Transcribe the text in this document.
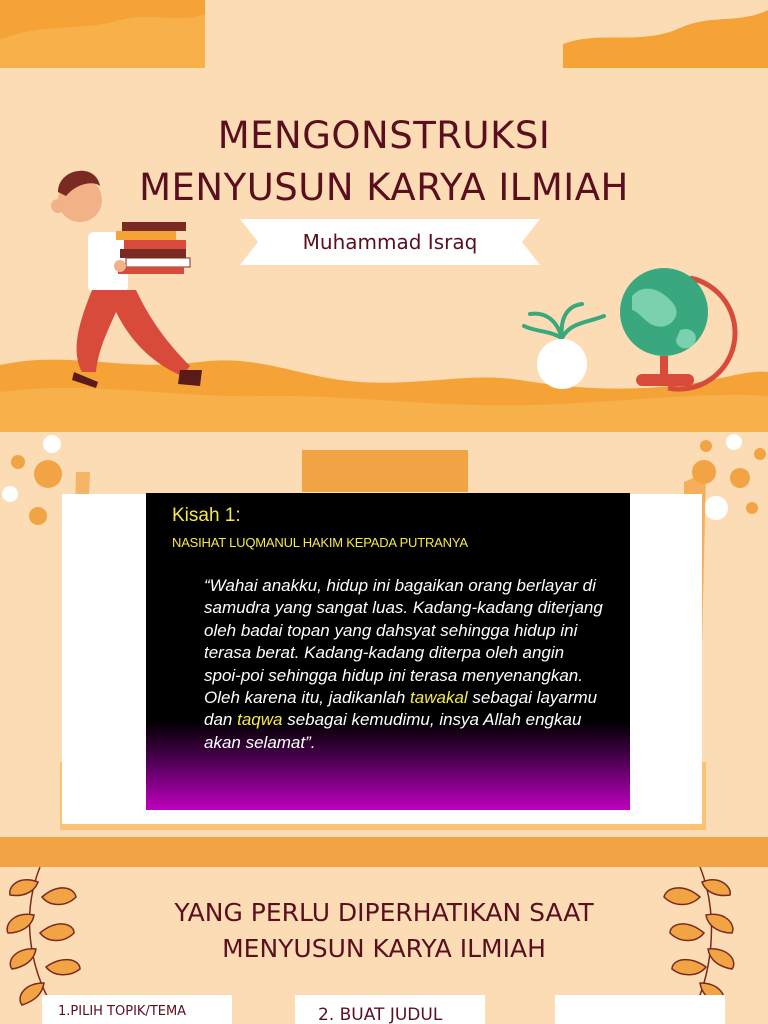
MENGONSTRUKSI
MENYUSUN KARYA ILMIAH
Muhammad Israq
Kisah 1:
NASIHAT LUQMANUL HAKIM KEPADA PUTRANYA
“Wahai anakku, hidup ini bagaikan orang berlayar di samudra yang sangat luas. Kadang-kadang diterjang oleh badai topan yang dahsyat sehingga hidup ini terasa berat. Kadang-kadang diterpa oleh angin spoi-poi sehingga hidup ini terasa menyenangkan. Oleh karena itu, jadikanlah tawakal sebagai layarmu dan taqwa sebagai kemudimu, insya Allah engkau akan selamat”.
YANG PERLU DIPERHATIKAN SAAT
MENYUSUN KARYA ILMIAH
1.PILIH TOPIK/TEMA	2. BUAT JUDUL
